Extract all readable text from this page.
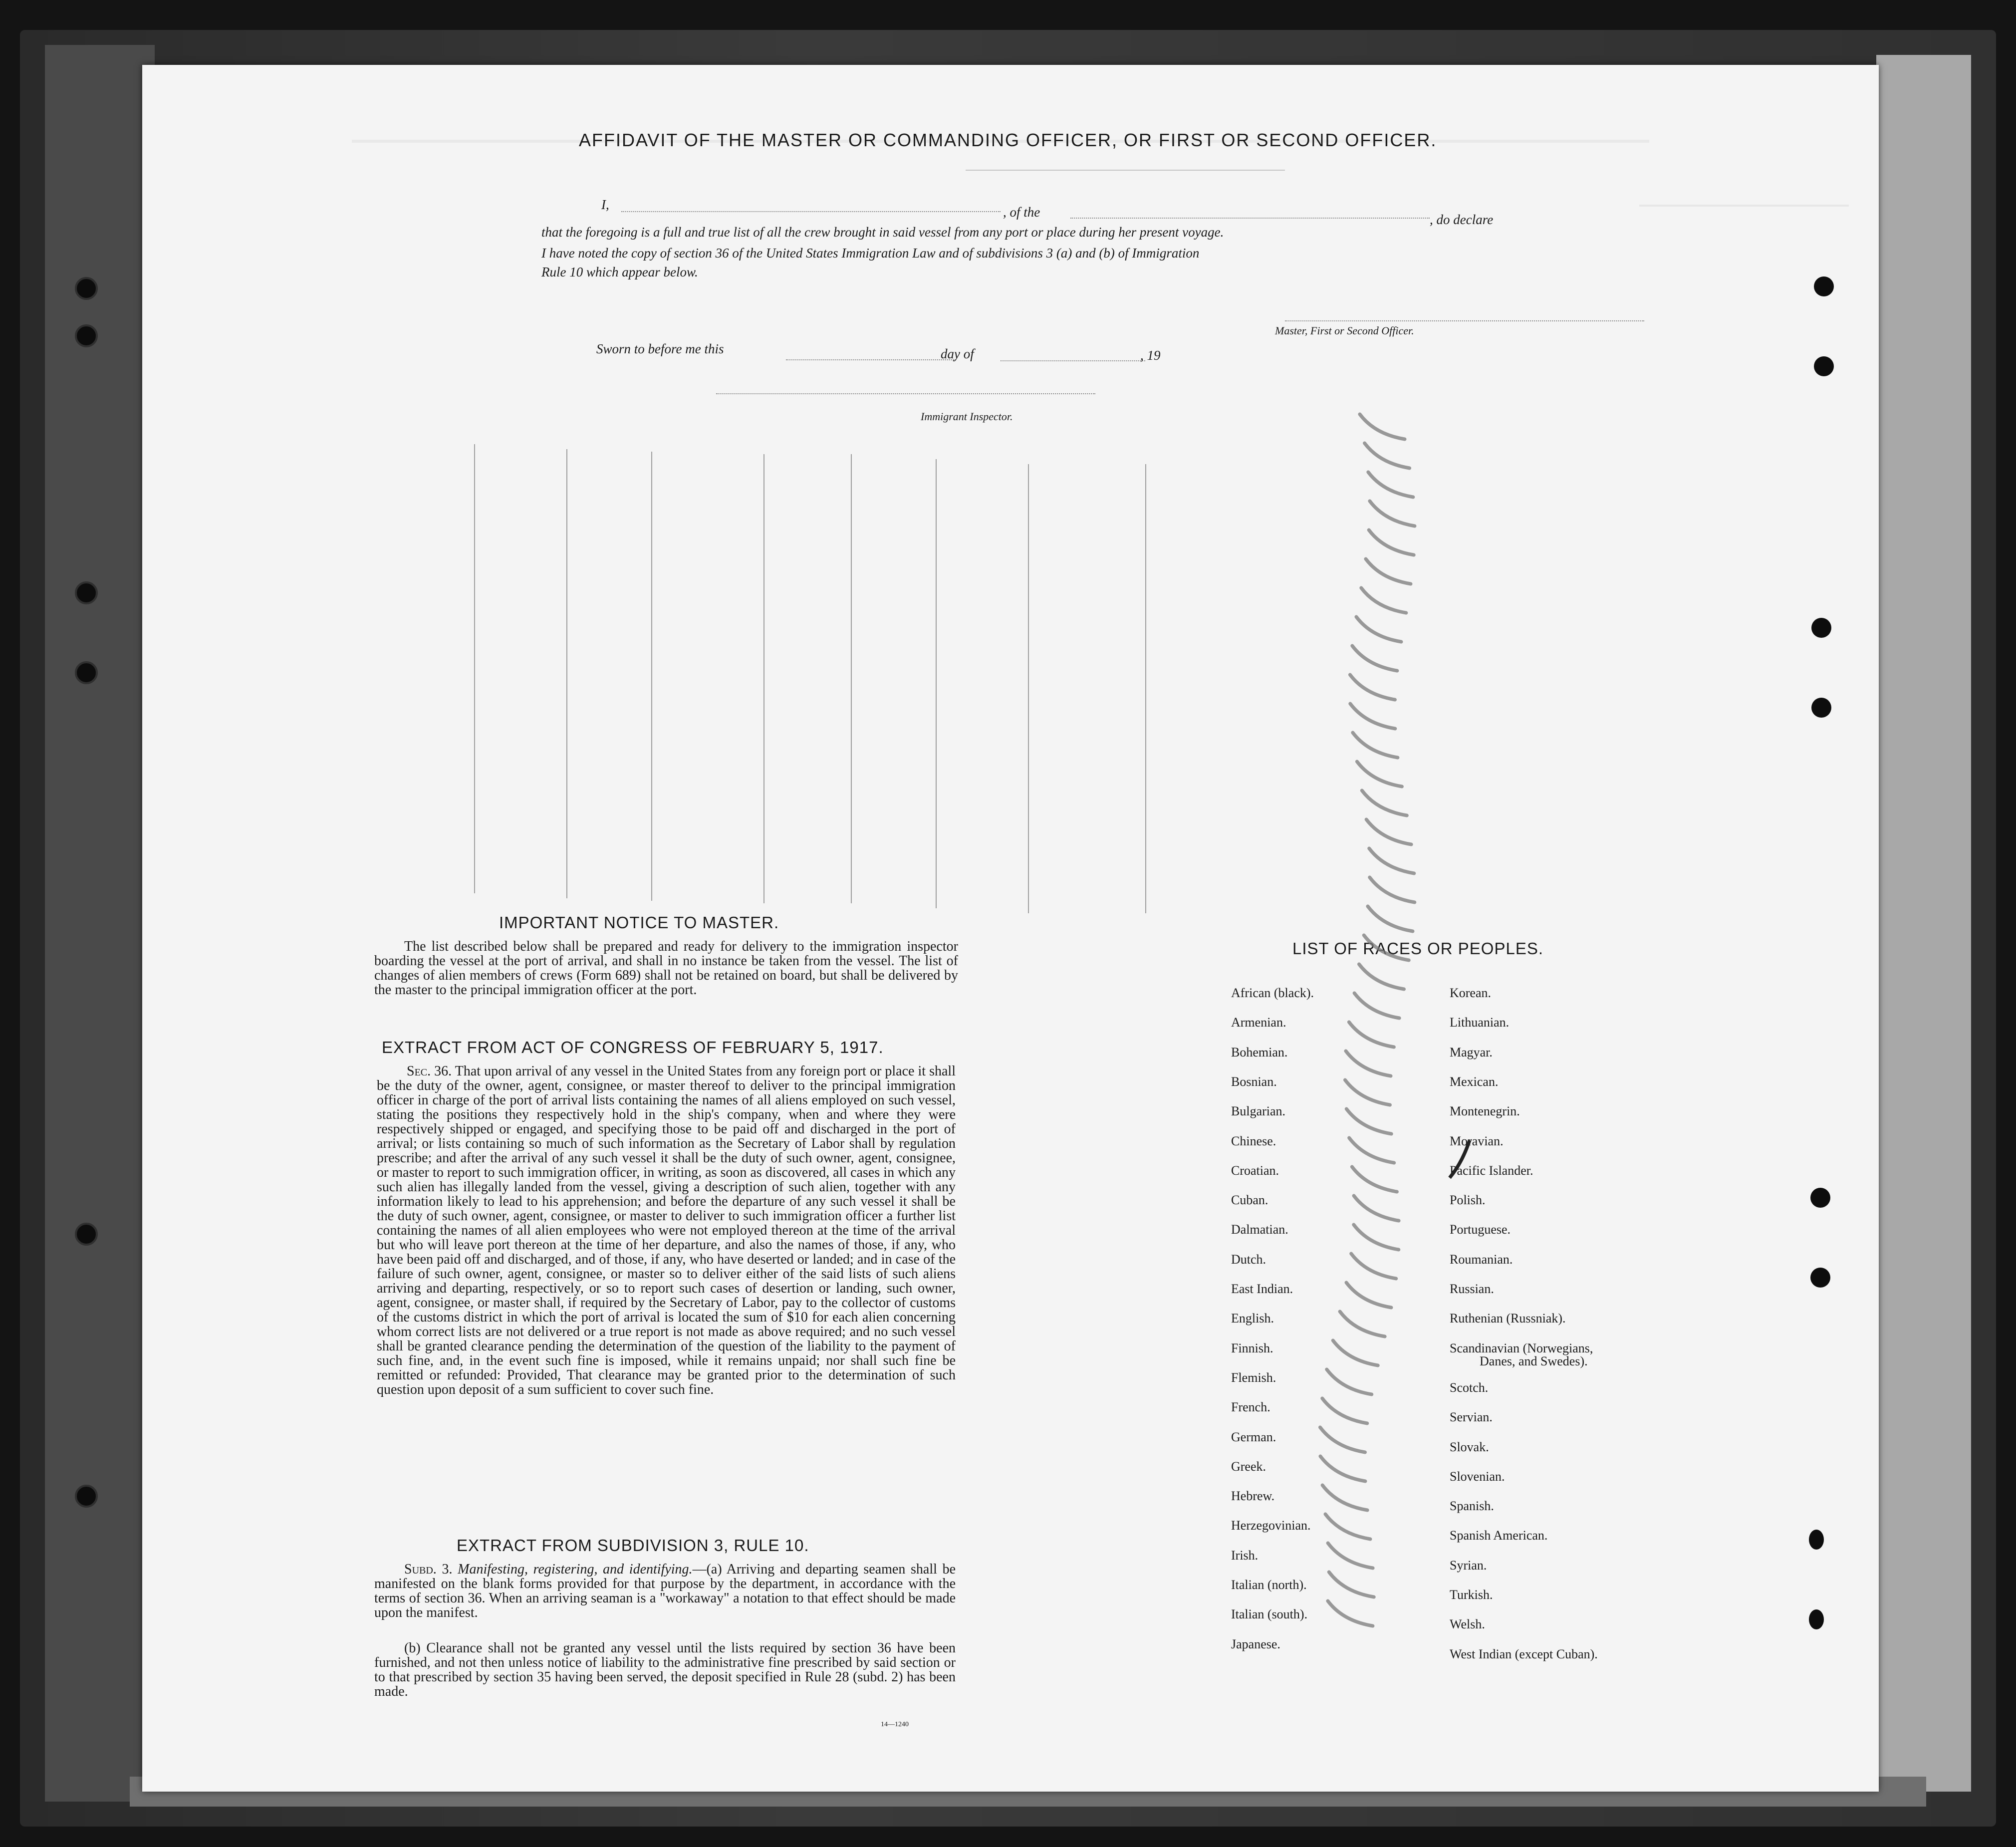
AFFIDAVIT OF THE MASTER OR COMMANDING OFFICER, OR FIRST OR SECOND OFFICER.
I,	, of the	, do declare
that the foregoing is a full and true list of all the crew brought in said vessel from any port or place during her present voyage.
I have noted the copy of section 36 of the United States Immigration Law and of subdivisions 3 (a) and (b) of Immigration
Rule 10 which appear below.
Master, First or Second Officer.
Sworn to before me this	day of	, 19
Immigrant Inspector.
IMPORTANT NOTICE TO MASTER.
The list described below shall be prepared and ready for delivery to the immigration inspector boarding the vessel at the port of arrival, and shall in no instance be taken from the vessel. The list of changes of alien members of crews (Form 689) shall not be retained on board, but shall be delivered by the master to the principal immigration officer at the port.
EXTRACT FROM ACT OF CONGRESS OF FEBRUARY 5, 1917.
Sec. 36. That upon arrival of any vessel in the United States from any foreign port or place it shall be the duty of the owner, agent, consignee, or master thereof to deliver to the principal immigration officer in charge of the port of arrival lists containing the names of all aliens employed on such vessel, stating the positions they respectively hold in the ship's company, when and where they were respectively shipped or engaged, and specifying those to be paid off and discharged in the port of arrival; or lists containing so much of such information as the Secretary of Labor shall by regulation prescribe; and after the arrival of any such vessel it shall be the duty of such owner, agent, consignee, or master to report to such immigration officer, in writing, as soon as discovered, all cases in which any such alien has illegally landed from the vessel, giving a description of such alien, together with any information likely to lead to his apprehension; and before the departure of any such vessel it shall be the duty of such owner, agent, consignee, or master to deliver to such immigration officer a further list containing the names of all alien employees who were not employed thereon at the time of the arrival but who will leave port thereon at the time of her departure, and also the names of those, if any, who have been paid off and discharged, and of those, if any, who have deserted or landed; and in case of the failure of such owner, agent, consignee, or master so to deliver either of the said lists of such aliens arriving and departing, respectively, or so to report such cases of desertion or landing, such owner, agent, consignee, or master shall, if required by the Secretary of Labor, pay to the collector of customs of the customs district in which the port of arrival is located the sum of $10 for each alien concerning whom correct lists are not delivered or a true report is not made as above required; and no such vessel shall be granted clearance pending the determination of the question of the liability to the payment of such fine, and, in the event such fine is imposed, while it remains unpaid; nor shall such fine be remitted or refunded: Provided, That clearance may be granted prior to the determination of such question upon deposit of a sum sufficient to cover such fine.
EXTRACT FROM SUBDIVISION 3, RULE 10.
Subd. 3. Manifesting, registering, and identifying.—(a) Arriving and departing seamen shall be manifested on the blank forms provided for that purpose by the department, in accordance with the terms of section 36. When an arriving seaman is a "workaway" a notation to that effect should be made upon the manifest.
(b) Clearance shall not be granted any vessel until the lists required by section 36 have been furnished, and not then unless notice of liability to the administrative fine prescribed by said section or to that prescribed by section 35 having been served, the deposit specified in Rule 28 (subd. 2) has been made.
14—1240
LIST OF RACES OR PEOPLES.
African (black).
Armenian.
Bohemian.
Bosnian.
Bulgarian.
Chinese.
Croatian.
Cuban.
Dalmatian.
Dutch.
East Indian.
English.
Finnish.
Flemish.
French.
German.
Greek.
Hebrew.
Herzegovinian.
Irish.
Italian (north).
Italian (south).
Japanese.
Korean.
Lithuanian.
Magyar.
Mexican.
Montenegrin.
Moravian.
Pacific Islander.
Polish.
Portuguese.
Roumanian.
Russian.
Ruthenian (Russniak).
Scandinavian (Norwegians,
Danes, and Swedes).
Scotch.
Servian.
Slovak.
Slovenian.
Spanish.
Spanish American.
Syrian.
Turkish.
Welsh.
West Indian (except Cuban).
